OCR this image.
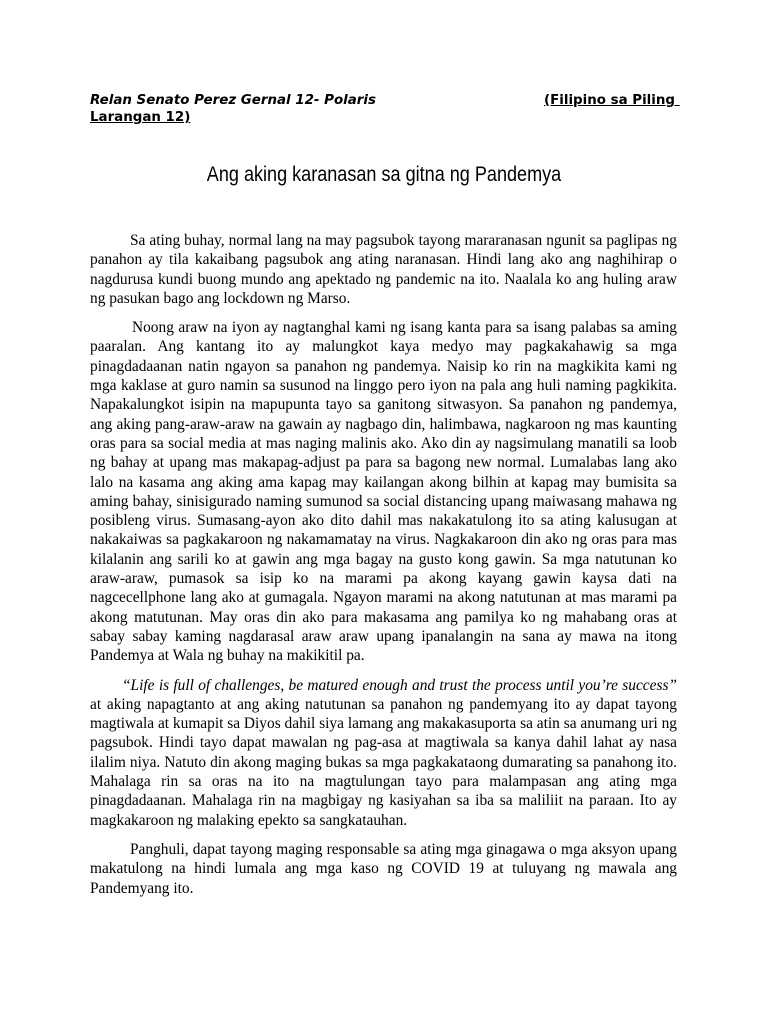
Relan Senato Perez Gernal 12- Polaris	(Filipino sa Piling
Larangan 12)
Ang aking karanasan sa gitna ng Pandemya

Sa ating buhay, normal lang na may pagsubok tayong mararanasan ngunit sa paglipas ng panahon ay tila kakaibang pagsubok ang ating naranasan. Hindi lang ako ang naghihirap o nagdurusa kundi buong mundo ang apektado ng pandemic na ito. Naalala ko ang huling araw ng pasukan bago ang lockdown ng Marso.

Noong araw na iyon ay nagtanghal kami ng isang kanta para sa isang palabas sa aming paaralan. Ang kantang ito ay malungkot kaya medyo may pagkakahawig sa mga pinagdadaanan natin ngayon sa panahon ng pandemya. Naisip ko rin na magkikita kami ng mga kaklase at guro namin sa susunod na linggo pero iyon na pala ang huli naming pagkikita. Napakalungkot isipin na mapupunta tayo sa ganitong sitwasyon. Sa panahon ng pandemya, ang aking pang-araw-araw na gawain ay nagbago din, halimbawa, nagkaroon ng mas kaunting oras para sa social media at mas naging malinis ako. Ako din ay nagsimulang manatili sa loob ng bahay at upang mas makapag-adjust pa para sa bagong new normal. Lumalabas lang ako lalo na kasama ang aking ama kapag may kailangan akong bilhin at kapag may bumisita sa aming bahay, sinisigurado naming sumunod sa social distancing upang maiwasang mahawa ng posibleng virus. Sumasang-ayon ako dito dahil mas nakakatulong ito sa ating kalusugan at nakakaiwas sa pagkakaroon ng nakamamatay na virus. Nagkakaroon din ako ng oras para mas kilalanin ang sarili ko at gawin ang mga bagay na gusto kong gawin. Sa mga natutunan ko araw-araw, pumasok sa isip ko na marami pa akong kayang gawin kaysa dati na nagcecellphone lang ako at gumagala. Ngayon marami na akong natutunan at mas marami pa akong matutunan. May oras din ako para makasama ang pamilya ko ng mahabang oras at sabay sabay kaming nagdarasal araw araw upang ipanalangin na sana ay mawa na itong Pandemya at Wala ng buhay na makikitil pa.

“Life is full of challenges, be matured enough and trust the process until you’re success” at aking napagtanto at ang aking natutunan sa panahon ng pandemyang ito ay dapat tayong magtiwala at kumapit sa Diyos dahil siya lamang ang makakasuporta sa atin sa anumang uri ng pagsubok. Hindi tayo dapat mawalan ng pag-asa at magtiwala sa kanya dahil lahat ay nasa ilalim niya. Natuto din akong maging bukas sa mga pagkakataong dumarating sa panahong ito. Mahalaga rin sa oras na ito na magtulungan tayo para malampasan ang ating mga pinagdadaanan. Mahalaga rin na magbigay ng kasiyahan sa iba sa maliliit na paraan. Ito ay magkakaroon ng malaking epekto sa sangkatauhan.

Panghuli, dapat tayong maging responsable sa ating mga ginagawa o mga aksyon upang makatulong na hindi lumala ang mga kaso ng COVID 19 at tuluyang ng mawala ang Pandemyang ito.
